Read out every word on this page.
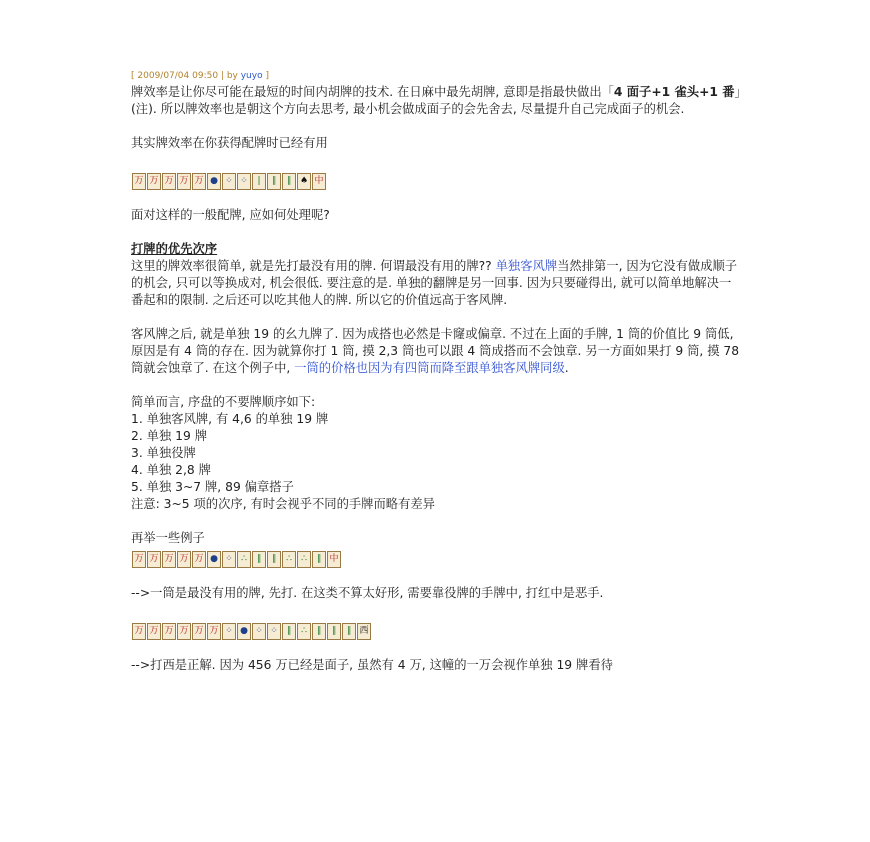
[ 2009/07/04 09:50 | by yuyo ]

牌效率是让你尽可能在最短的时间内胡牌的技术. 在日麻中最先胡牌, 意即是指最快做出「4 面子+1 雀头+1 番」(注). 所以牌效率也是朝这个方向去思考, 最小机会做成面子的会先舍去, 尽量提升自己完成面子的机会.

其实牌效率在你获得配牌时已经有用

万 万 万 万 万 ● ⁘ ⁘	|	∥	∥ ♠ 中

面对这样的一般配牌, 应如何处理呢?

打牌的优先次序

这里的牌效率很简单, 就是先打最没有用的牌. 何谓最没有用的牌?? 单独客风牌当然排第一, 因为它没有做成顺子的机会, 只可以等换成对, 机会很低. 要注意的是. 单独的翻牌是另一回事. 因为只要碰得出, 就可以简单地解决一番起和的限制. 之后还可以吃其他人的牌. 所以它的价值远高于客风牌.

客风牌之后, 就是单独 19 的幺九牌了. 因为成搭也必然是卡窿或偏章. 不过在上面的手牌, 1 筒的价值比 9 筒低, 原因是有 4 筒的存在. 因为就算你打 1 筒, 摸 2,3 筒也可以跟 4 筒成搭而不会蚀章. 另一方面如果打 9 筒, 摸 78 筒就会蚀章了. 在这个例子中, 一筒的价格也因为有四筒而降至跟单独客风牌同级.

简单而言, 序盘的不要牌顺序如下:

1. 单独客风牌, 有 4,6 的单独 19 牌

2. 单独 19 牌

3. 单独役牌

4. 单独 2,8 牌

5. 单独 3~7 牌, 89 偏章搭子

注意: 3~5 项的次序, 有时会视乎不同的手牌而略有差异

再举一些例子

万 万 万 万 万 ● ⁘ ∴	∥	∥	∴	∴	∥ 中

-->一筒是最没有用的牌, 先打. 在这类不算太好形, 需要靠役牌的手牌中, 打红中是恶手.

万 万 万 万 万 万 ⁘ ● ⁘ ⁘ ∥	∴	∥	∥	∥ 西

-->打西是正解. 因为 456 万已经是面子, 虽然有 4 万, 这幢的一万会视作单独 19 牌看待
